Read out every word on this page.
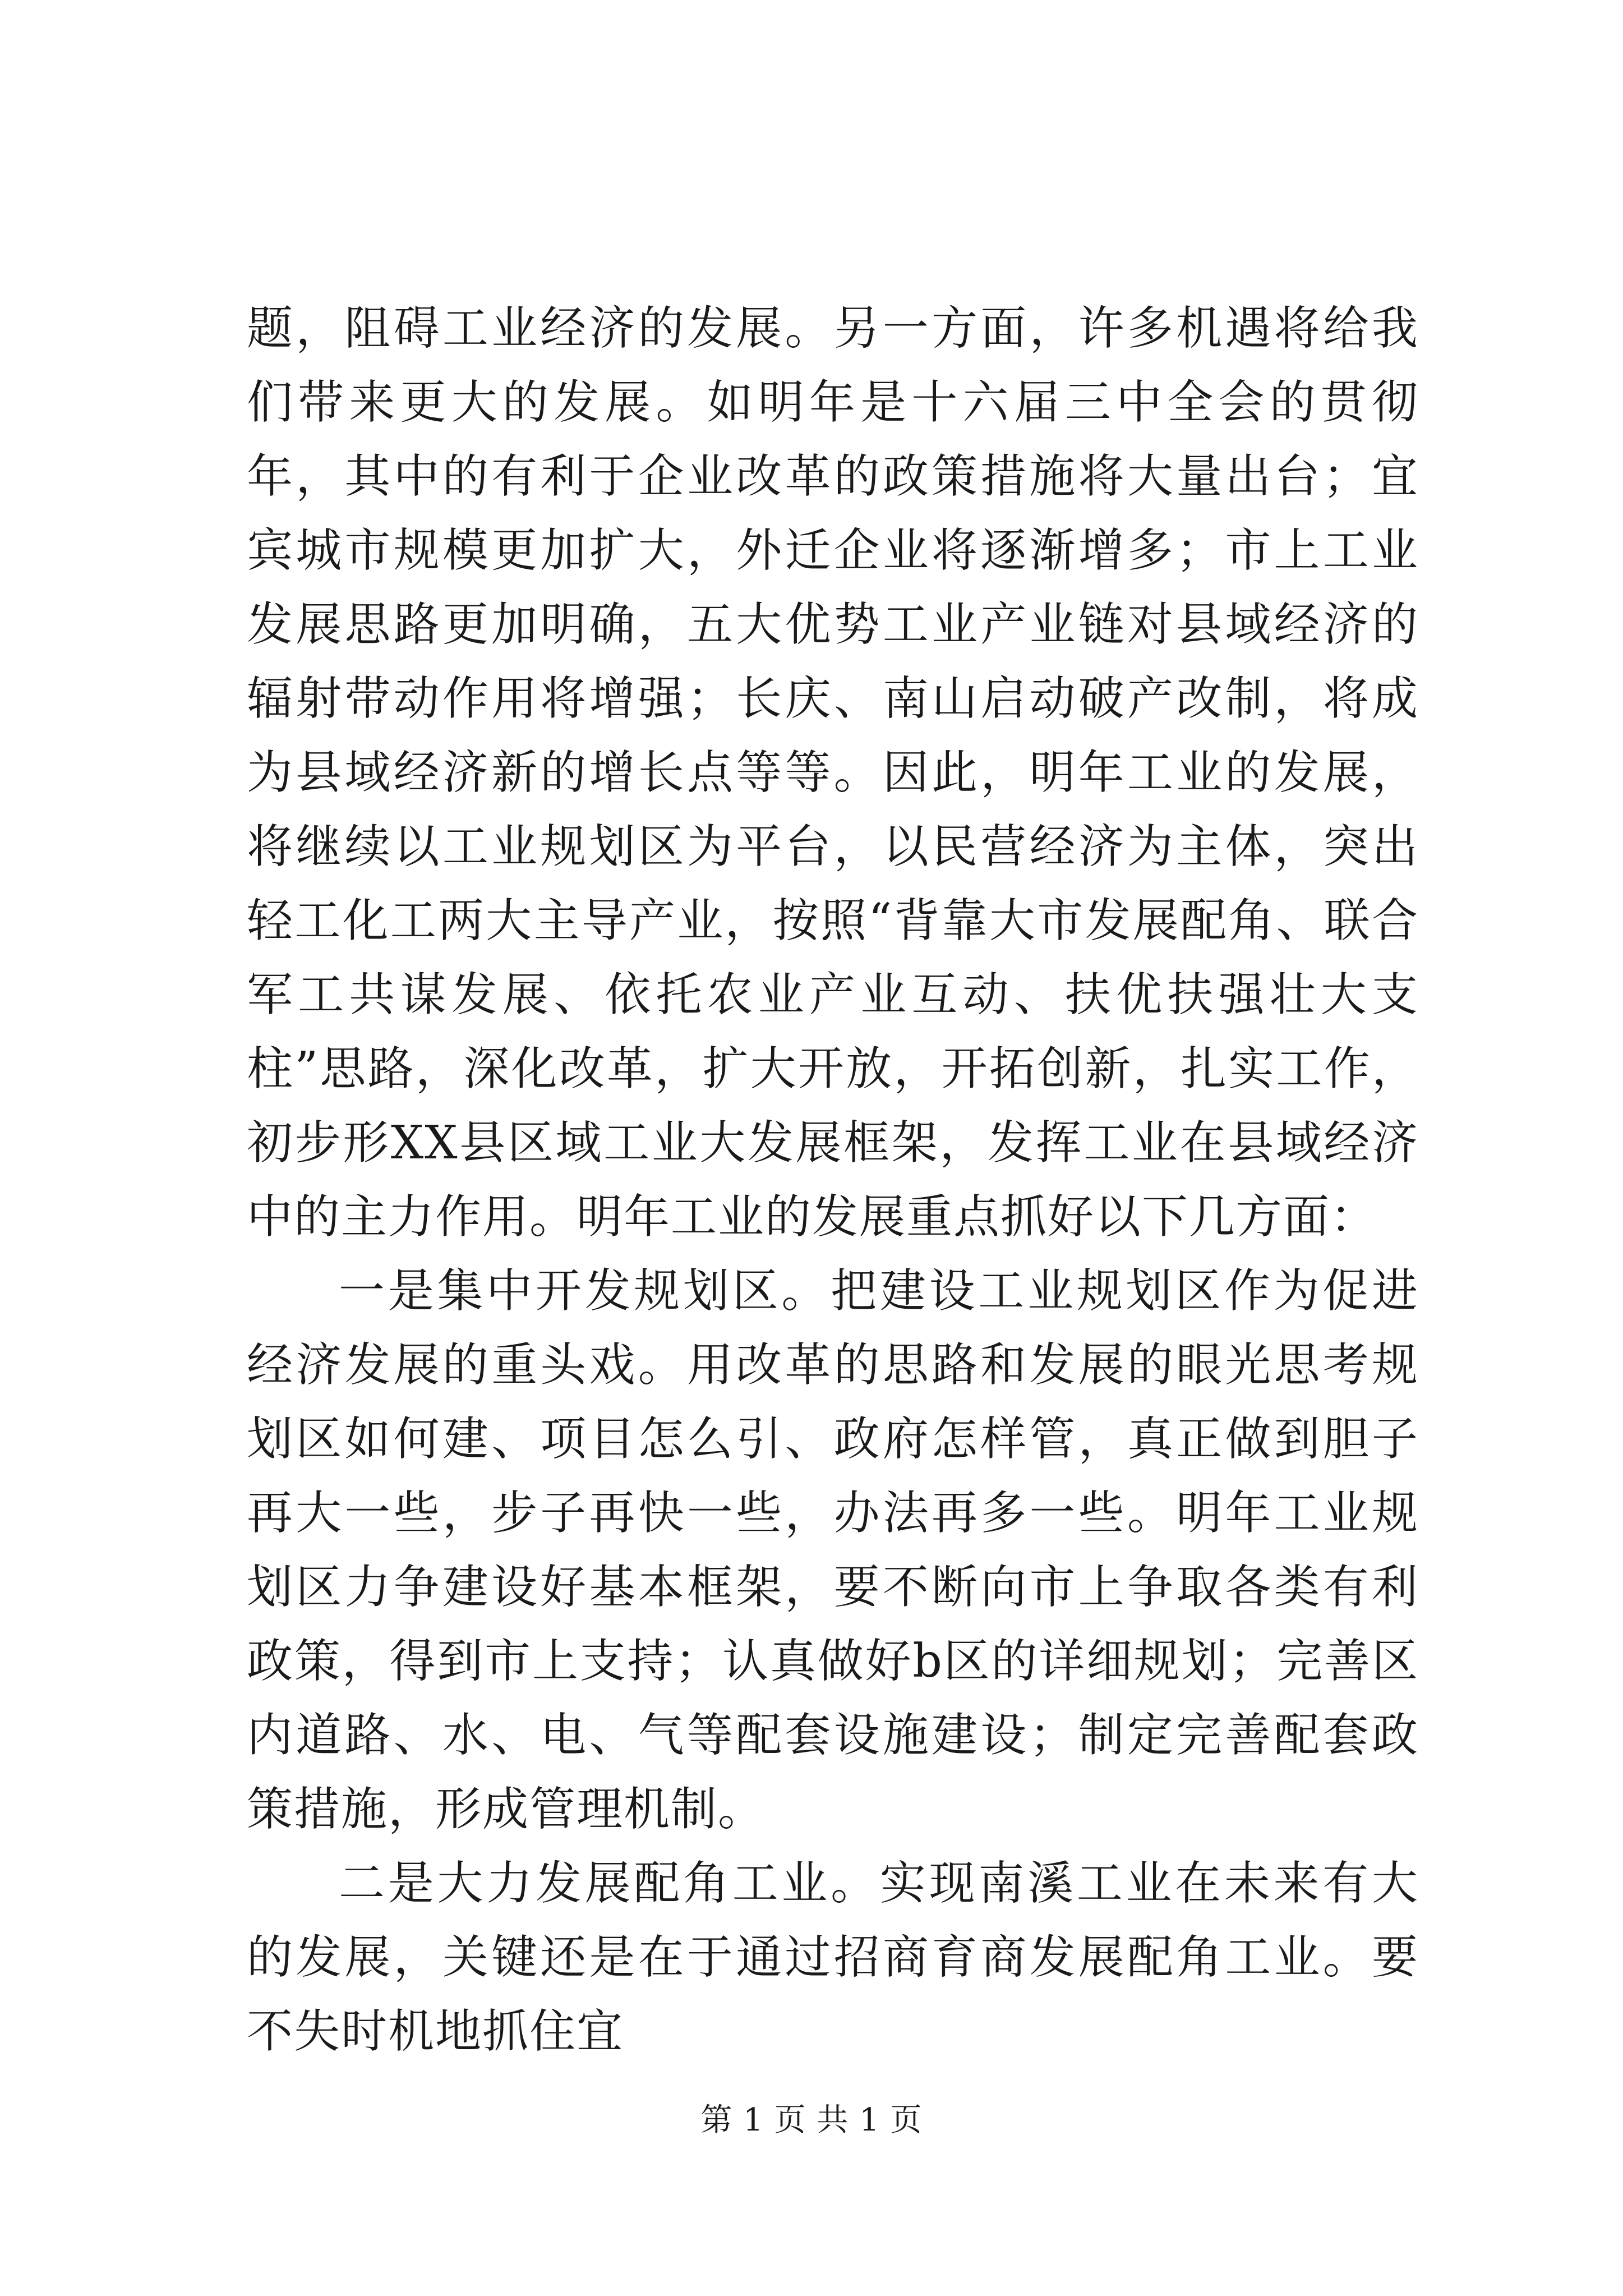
题，阻碍工业经济的发展。另一方面，许多机遇将给我们带来更大的发展。如明年是十六届三中全会的贯彻年，其中的有利于企业改革的政策措施将大量出台；宜宾城市规模更加扩大，外迁企业将逐渐增多；市上工业发展思路更加明确，五大优势工业产业链对县域经济的辐射带动作用将增强；长庆、南山启动破产改制，将成为县域经济新的增长点等等。因此，明年工业的发展，将继续以工业规划区为平台，以民营经济为主体，突出轻工化工两大主导产业，按照“背靠大市发展配角、联合军工共谋发展、依托农业产业互动、扶优扶强壮大支柱”思路，深化改革，扩大开放，开拓创新，扎实工作，初步形XX县区域工业大发展框架，发挥工业在县域经济中的主力作用。明年工业的发展重点抓好以下几方面：

一是集中开发规划区。把建设工业规划区作为促进经济发展的重头戏。用改革的思路和发展的眼光思考规划区如何建、项目怎么引、政府怎样管，真正做到胆子再大一些，步子再快一些，办法再多一些。明年工业规划区力争建设好基本框架，要不断向市上争取各类有利政策，得到市上支持；认真做好b区的详细规划；完善区内道路、水、电、气等配套设施建设；制定完善配套政策措施，形成管理机制。

二是大力发展配角工业。实现南溪工业在未来有大的发展，关键还是在于通过招商育商发展配角工业。要不失时机地抓住宜

第 1 页 共 1 页
